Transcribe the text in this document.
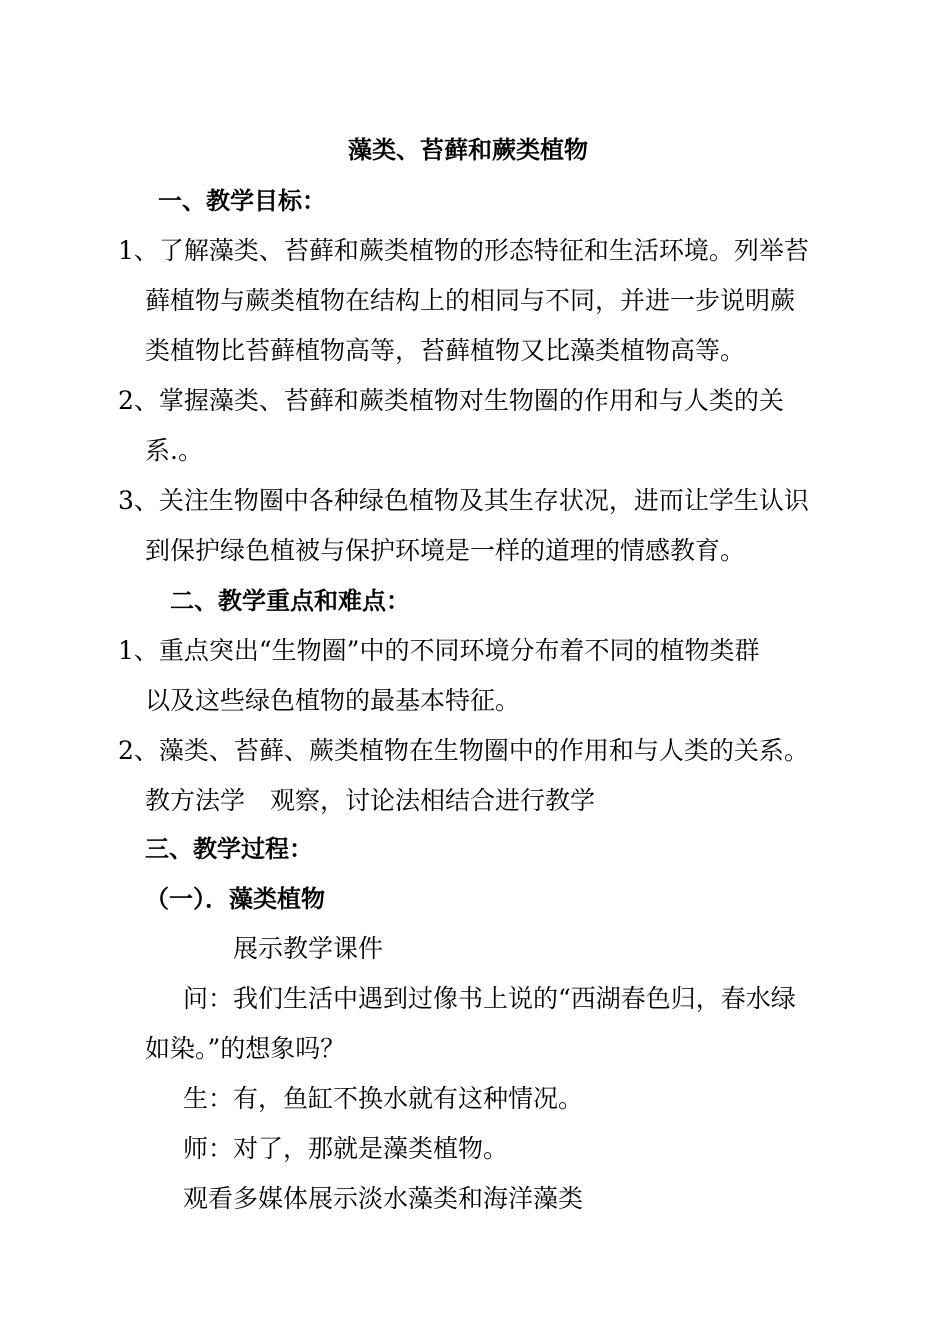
藻类、苔藓和蕨类植物

一、教学目标：

1、了解藻类、苔藓和蕨类植物的形态特征和生活环境。列举苔

藓植物与蕨类植物在结构上的相同与不同，并进一步说明蕨

类植物比苔藓植物高等，苔藓植物又比藻类植物高等。

2、掌握藻类、苔藓和蕨类植物对生物圈的作用和与人类的关

系.。

3、关注生物圈中各种绿色植物及其生存状况，进而让学生认识

到保护绿色植被与保护环境是一样的道理的情感教育。

二、教学重点和难点：

1、重点突出“生物圈”中的不同环境分布着不同的植物类群

以及这些绿色植物的最基本特征。

2、藻类、苔藓、蕨类植物在生物圈中的作用和与人类的关系。

教方法学　观察，讨论法相结合进行教学

三、教学过程：

（一）．藻类植物

展示教学课件

问：我们生活中遇到过像书上说的“西湖春色归，春水绿

如染。”的想象吗？

生：有，鱼缸不换水就有这种情况。

师：对了，那就是藻类植物。

观看多媒体展示淡水藻类和海洋藻类
